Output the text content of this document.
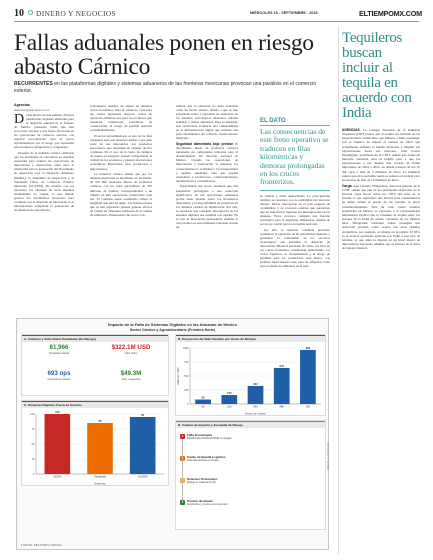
10 DINERO Y NEGOCIOS	MIÉRCOLES 16 - SEPTIEMBRE - 2026	ELTIEMPOMX.COM
Fallas aduanales ponen en riesgo abasto Cárnico
RECURRENTES en las plataformas digitales y sistemas aduaneros de las fronteras mexicanas provocan una parálisis en el comercio exterior.
Agencias
redaccion@eltiempomx.com

Desde inicios de esta semana, diversas plataformas digitales utilizadas para el despacho aduanal en la frontera de México presentan fallas que han provocado retrasos y una fuerte afectación en las operaciones de comercio exterior, con especial preocupación para el sector agroalimentario por el riesgo que representa para productos refrigerados y congelados.

Pasantes de la industria cárnica señalaron que los problemas se concentran en sistemas esenciales para realizar las operaciones de importación y exportación, entre ellos la plataforma para la generación del Documento de Operación para el Despacho Aduanero (DODA), la Ventanilla de Inspección y la Ventanilla Única de Comercio Exterior Mexicano (VUCEM). De acuerdo con los afectados, las ventanas de estos sistemas simplemente no cargan, lo que impide generar los documentos necesarios para continuar con el despacho de mercancías. Las interrupciones reduplican la generación de documentos de exportación,

prolongados tiempos de espera en distintos cruces fronterizos. Para el comercio, cada hora sin cruzar representa mayores costos de operación, mientras que para los productos que requieren condiciones específicas de conservación, el riesgo de pérdida aumenta considerablemente.

El sector agroalimentario es uno de los más expuestos ante esta situación debido a que gran parte de sus mercancías son productos perecederos que dependen de cadenas de frío continuas. En el caso de la carne, los tiempos de espera prolongados pueden comprometer la calidad de los productos y generar afectaciones económicas importantes para productores e importadores.

La industria cárnica estima que por las aduanas mexicanas se movilizan, en promedio, 81 mil 966 toneladas diarias de productos cárnicos, con un valor aproximado de 322 millones de dólares, correspondientes a un tránsito de 693 operaciones comerciales cada día. El volumen anual acumulado refleja la magnitud que está en juego. Las interrupciones que se han registrado pueden generar efectos en cadena en diferentes eslabones de la cadena de suministro. Empresarios del sector con-

sideran que la situación no debe evaluarse como un hecho aislado, debido a que se han presentado fallas y episodios de saturación en los sistemas tecnológicos aduaneros durante semanas y meses anteriores. Para la industria, esta recurrencia evidencia una vulnerabilidad en la infraestructura digital que sostiene una parte fundamental del comercio transfronterizo mexicano.

Seguridad alimentaria bajo presión El movimiento diario de productos cárnicos representa un componente relevante para el abastecimiento del mercado nacional en México. Cuando las operaciones de importación y exportación se detienen, las consecuencias no se limitan a los transportistas y agentes aduanales, sino que pueden extenderse a productores, comercializadores, distribuidores y consumidores.

Especialistas del sector advierten que una suspensión prolongada o una reducción significativa de las operaciones aduaneras podría tener presión sobre los inventarios disponibles y la disponibilidad de productos en los distintos canales de distribución. Por ello, es necesario que cualquier interrupción en los sistemas digitales sea atendida con rapidez. En el caso de mercancías perecederas, además, el valor tiempo es especialmente relevante porque un

EL DATO
Las consecuencias de este freno operativo se traducen en filas kilométricas y demoras prolongadas en los cruces fronterizos.

su calidad y estén despechados. La preocupación también se relaciona con la estabilidad del mercado interno. Mover mercancías en el país requiere de certidumbre y de procesos estables que garanticen que las mercancías ingresan sin interrupciones en las aduanas. Estos procesos cumplen una función estratégica para la seguridad alimentaria, además de ser un eje central para la economía nacional.

Por ello, la industria considera necesario restablecer la operación de las plataformas digitales y garantizar la continuidad de los servicios tecnológicos que permiten el despacho de mercancías. Mientras persistan las fallas, las filas en los cruces fronterizos continuarán aumentando, los costos logísticos se incrementarán y el riesgo de pérdidas para los productores será mayor, con posibles repercusiones tanto para las empresas como para el abasto de alimentos en el país.

Tequileros buscan incluir al tequila en acuerdo con India

AGENCIAS. La Cámara Nacional de la Industria Tequilera (CNIT) busca que el tequila sea incluido en las negociaciones comerciales que México e India sostienen, con el objetivo de reducir el arancel de 150% que actualmente enfrenta la bebida mexicana y ampliar sus exportaciones hacia ese mercado. Juan Carlos Domínguez, presidente de la CNIT, señaló que existe un mercado potencial para el tequila pese a que las exportaciones a ese destino han crecido de forma importante de 2024 a 2025, en donde pasaron de los 10 mil cajas a más de 3 millones de litros. La industria espera que en la próxima ronda se reduzca el arancel para las marcas de más de 10 millones de litros.

Carga. Ana Cristina Villagrande, directora general de la CNIT, señaló que uno de los principales obstáculos es la elevada carga fiscal: sobre los 150% del valor de la botella, lo que representa una barrera para consumidores en India, donde el precio de las botellas se eleva considerablemente. Tres de cada cuatro botellas producidas en México se exportan, y la representación empresarial explicó que el consumo de tequila entre los jóvenes de la India ha estado creciendo en los últimos años. Villagrande consideró viable conseguir una reducción gradual, como ocurre con otras bebidas alcohólicas, por ejemplo, el whisky en la región. El 83% es el arancel promedio aplicado por India a este tipo de bebidas, lo que sitúa la disputa en un nivel mayor de importancia, buscando, además, que se incluya en la mesa de trabajo bilateral.

Impacto de la Falla de Sistemas Digitales en las Aduanas de México
Sector Cárnico y Agroalimentario (Frontera Norte)
A. Volumen y Valor Diario Paralizado (En Riesgo)
81,966
Toneladas diarias
$322.1M USD
Valor diario
693 ops
Operaciones diarias
$49.3M
Valor / operación
B. Proyección de Valor Perdido por Horas de Retraso
0
250
500
750
1000
80
6h
160
12h
322
24h
644
48h
966
72h
Horas de retraso
Millones USD
C. Sistemas Digitales Fuera de Servicio
0
25
50
75
100
100
DODA
85
Ventanilla
95
VUCEM
Sistemas
D. Cadena de Impacto y Escalada de Riesgo
1	Falla Tecnológica
Plataformas DODA/VUCEM no cargan
Cuello de Botella Logístico
Filas kilométricas en cruces
Deterioro Perecedero
Riesgo en cadena de frío
4	Presión de Abasto
Inventarios y precios al consumidor
FUENTE: INDUSTRIA CÁRNICA
IMAGEN: EL TIEMPO MX
